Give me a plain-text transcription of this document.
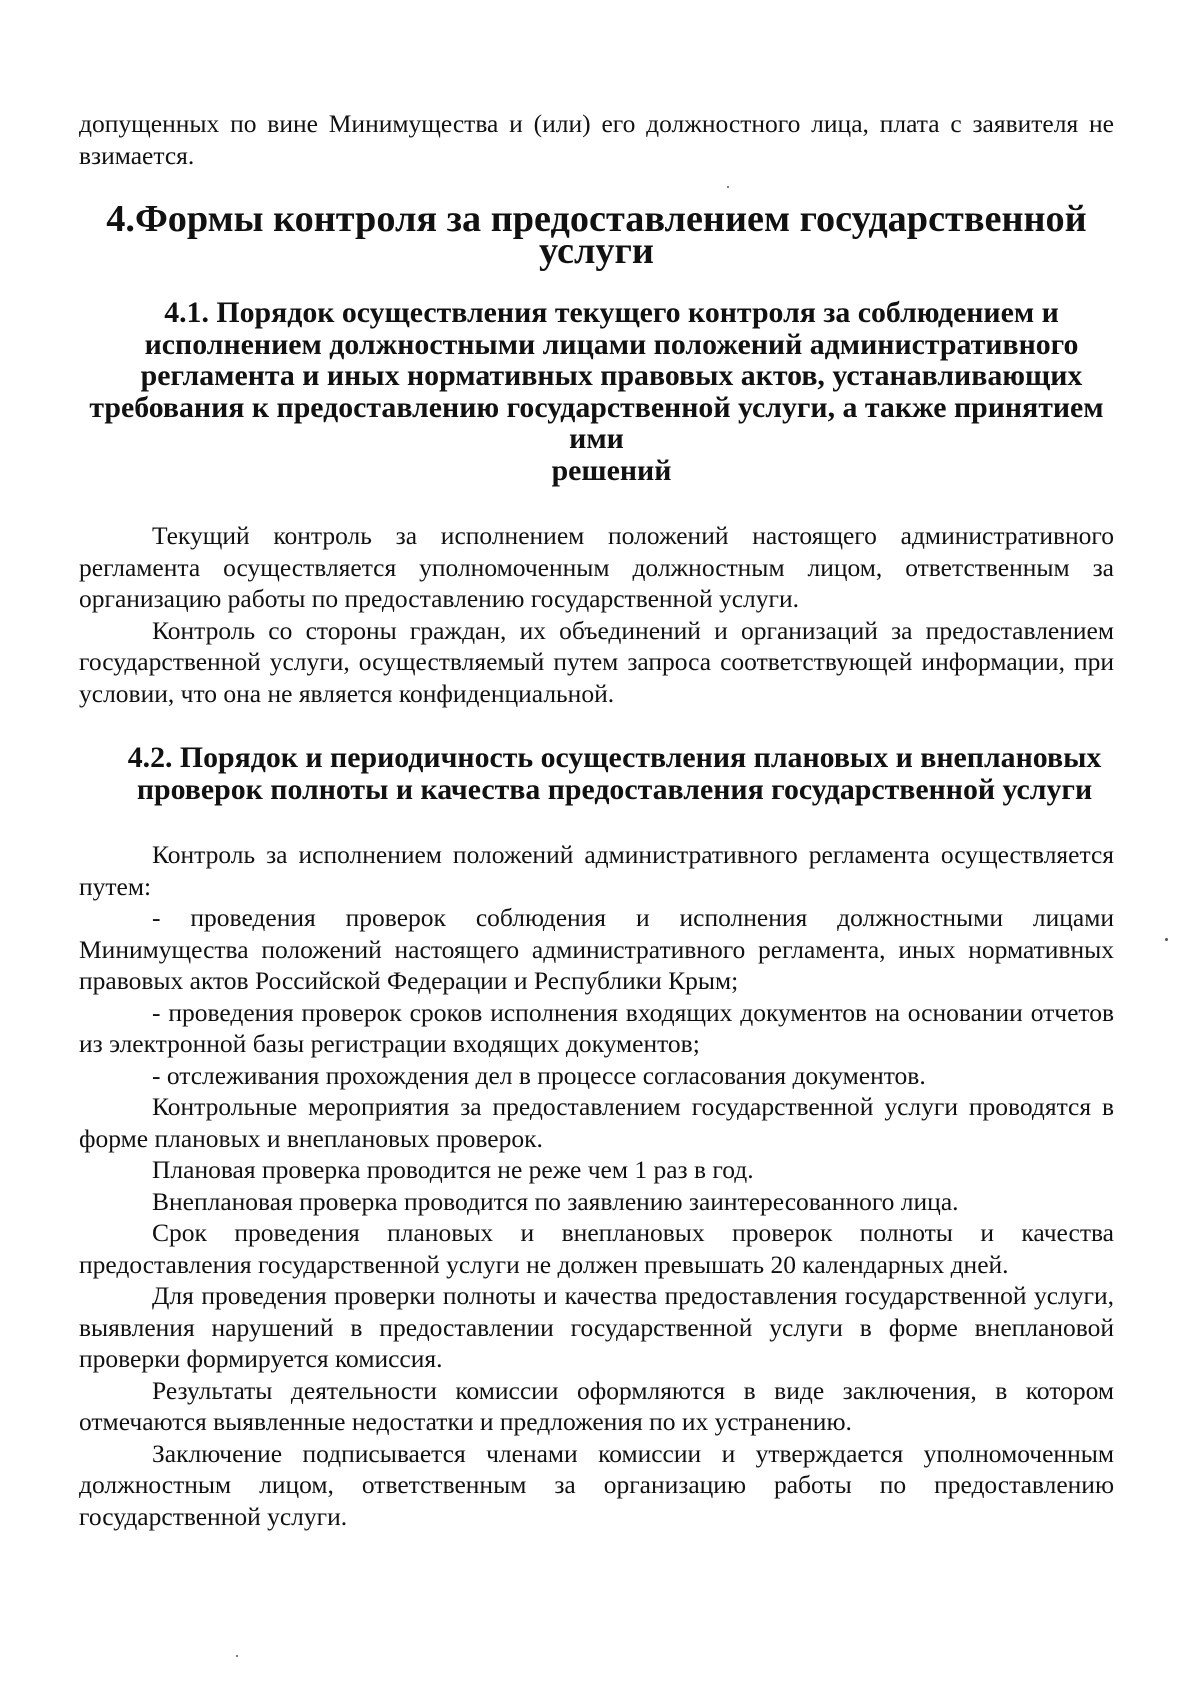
допущенных по вине Минимущества и (или) его должностного лица, плата с заявителя не взимается.

4.Формы контроля за предоставлением государственной услуги
4.1. Порядок осуществления текущего контроля за соблюдением и
исполнением должностными лицами положений административного
регламента и иных нормативных правовых актов, устанавливающих
требования к предоставлению государственной услуги, а также принятием ими
решений

Текущий контроль за исполнением положений настоящего административного регламента осуществляется уполномоченным должностным лицом, ответственным за организацию работы по предоставлению государственной услуги.

Контроль со стороны граждан, их объединений и организаций за предоставлением государственной услуги, осуществляемый путем запроса соответствующей информации, при условии, что она не является конфиденциальной.

4.2. Порядок и периодичность осуществления плановых и внеплановых
проверок полноты и качества предоставления государственной услуги

Контроль за исполнением положений административного регламента осуществляется путем:

- проведения проверок соблюдения и исполнения должностными лицами Минимущества положений настоящего административного регламента, иных нормативных правовых актов Российской Федерации и Республики Крым;

- проведения проверок сроков исполнения входящих документов на основании отчетов из электронной базы регистрации входящих документов;

- отслеживания прохождения дел в процессе согласования документов.

Контрольные мероприятия за предоставлением государственной услуги проводятся в форме плановых и внеплановых проверок.

Плановая проверка проводится не реже чем 1 раз в год.

Внеплановая проверка проводится по заявлению заинтересованного лица.

Срок проведения плановых и внеплановых проверок полноты и качества предоставления государственной услуги не должен превышать 20 календарных дней.

Для проведения проверки полноты и качества предоставления государственной услуги, выявления нарушений в предоставлении государственной услуги в форме внеплановой проверки формируется комиссия.

Результаты деятельности комиссии оформляются в виде заключения, в котором отмечаются выявленные недостатки и предложения по их устранению.

Заключение подписывается членами комиссии и утверждается уполномоченным должностным лицом, ответственным за организацию работы по предоставлению государственной услуги.
